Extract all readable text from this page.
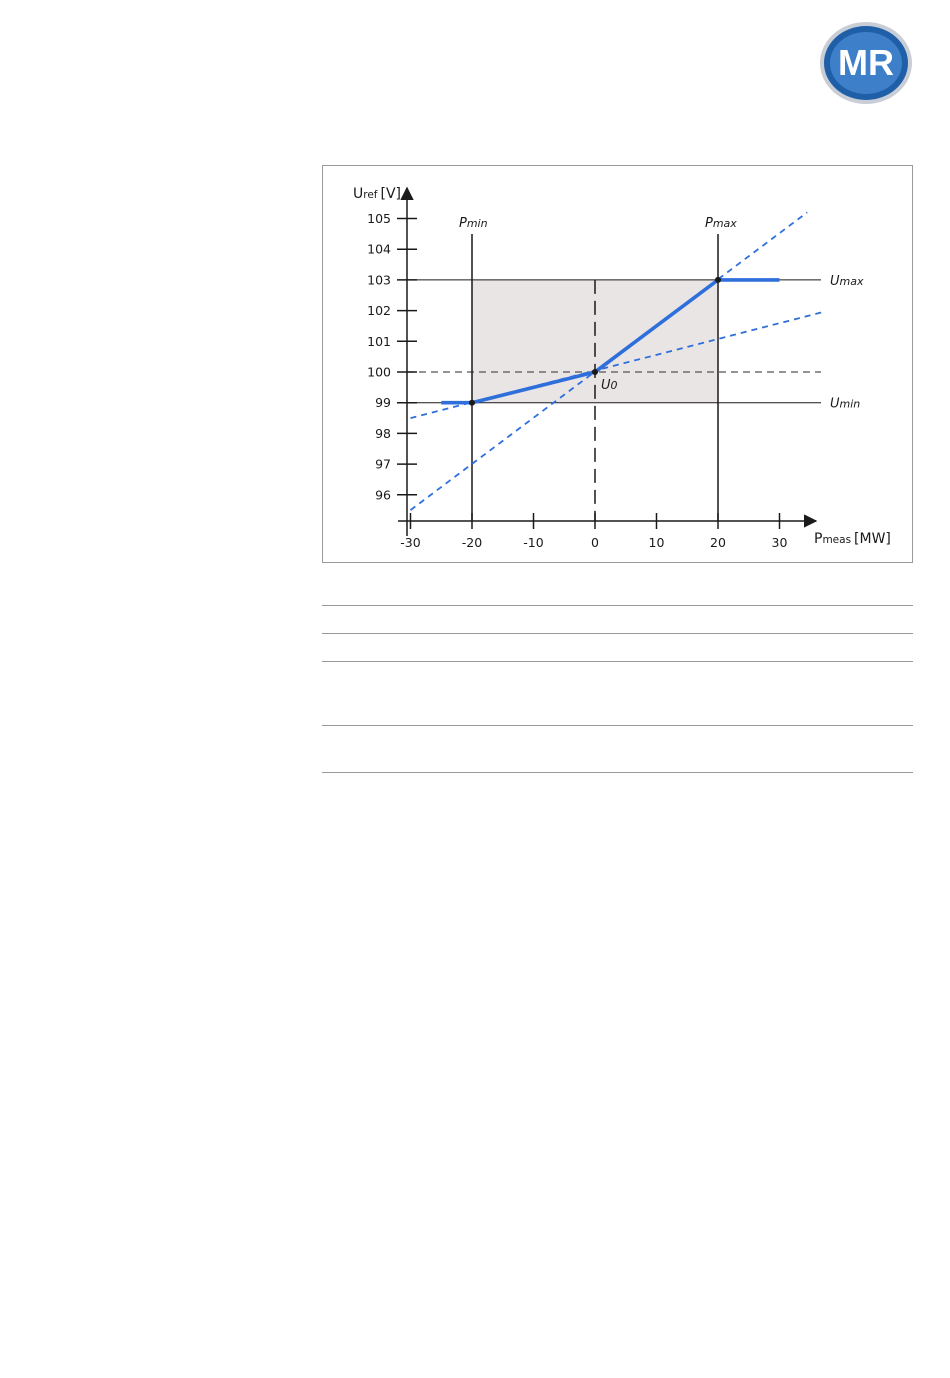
MR
96
97
98
99
100
101
102
103
104
105
-30	-20	-10	0	10	20	30
Pmin	Pmax
Umax
Umin
U0
Uref [V]
Pmeas [MW]
